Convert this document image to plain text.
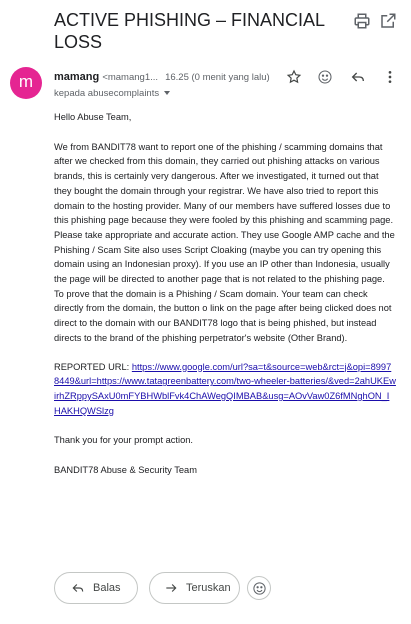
ACTIVE PHISHING – FINANCIAL LOSS
m	mamang <mamang1... 16.25 (0 menit yang lalu)
kepada abusecomplaints

Hello Abuse Team,

We from BANDIT78 want to report one of the phishing / scamming domains that after we checked from this domain, they carried out phishing attacks on various brands, this is certainly very dangerous. After we investigated, it turned out that they bought the domain through your registrar. We have also tried to report this domain to the hosting provider. Many of our members have suffered losses due to this phishing page because they were fooled by this phishing and scamming page. Please take appropriate and accurate action. They use Google AMP cache and the Phishing / Scam Site also uses Script Cloaking (maybe you can try opening this domain using an Indonesian proxy). If you use an IP other than Indonesia, usually the page will be directed to another page that is not related to the phishing page. To prove that the domain is a Phishing / Scam domain. Your team can check directly from the domain, the button o link on the page after being clicked does not direct to the domain with our BANDIT78 logo that is being phished, but instead directs to the brand of the phishing perpetrator's website (Other Brand).

REPORTED URL: https://www.google.com/url?sa=t&source=web&rct=j&opi=89978449&url=https://www.tatagreenbattery.com/two-wheeler-batteries/&ved=2ahUKEwirhZRppySAxU0mFYBHWblFvk4ChAWegQIMBAB&usg=AOvVaw0Z6fMNghON_IHAKHQWSlzg

Thank you for your prompt action.

BANDIT78 Abuse & Security Team

Balas	Teruskan
